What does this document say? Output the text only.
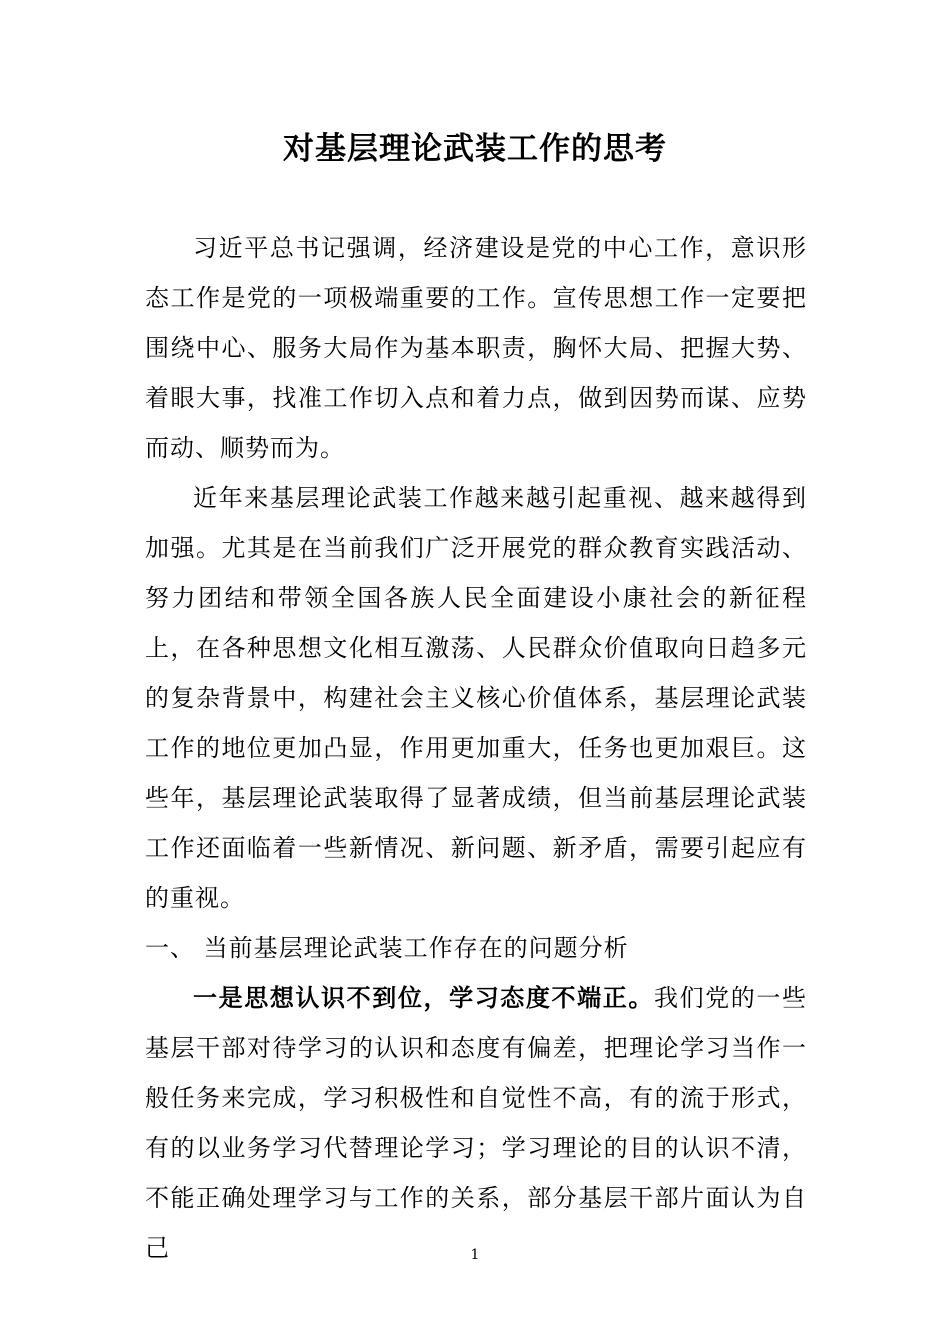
对基层理论武装工作的思考

习近平总书记强调，经济建设是党的中心工作，意识形态工作是党的一项极端重要的工作。宣传思想工作一定要把围绕中心、服务大局作为基本职责，胸怀大局、把握大势、着眼大事，找准工作切入点和着力点，做到因势而谋、应势而动、顺势而为。

近年来基层理论武装工作越来越引起重视、越来越得到加强。尤其是在当前我们广泛开展党的群众教育实践活动、努力团结和带领全国各族人民全面建设小康社会的新征程上，在各种思想文化相互激荡、人民群众价值取向日趋多元的复杂背景中，构建社会主义核心价值体系，基层理论武装工作的地位更加凸显，作用更加重大，任务也更加艰巨。这些年，基层理论武装取得了显著成绩，但当前基层理论武装工作还面临着一些新情况、新问题、新矛盾，需要引起应有的重视。

一、 当前基层理论武装工作存在的问题分析

一是思想认识不到位，学习态度不端正。我们党的一些基层干部对待学习的认识和态度有偏差，把理论学习当作一般任务来完成，学习积极性和自觉性不高，有的流于形式，有的以业务学习代替理论学习；学习理论的目的认识不清，不能正确处理学习与工作的关系，部分基层干部片面认为自己	1
